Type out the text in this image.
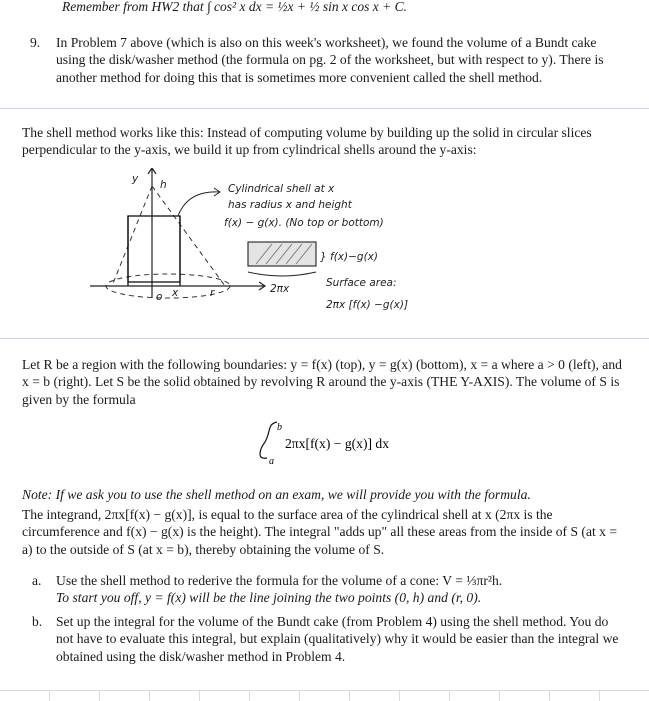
Remember from HW2 that ∫ cos² x dx = ½x + ½ sin x cos x + C.
9. In Problem 7 above (which is also on this week's worksheet), we found the volume of a Bundt cake using the disk/washer method (the formula on pg. 2 of the worksheet, but with respect to y). There is another method for doing this that is sometimes more convenient called the shell method.
The shell method works like this: Instead of computing volume by building up the solid in circular slices perpendicular to the y-axis, we build it up from cylindrical shells around the y-axis:
y h
o x	r
Cylindrical shell at x
has radius x and height
f(x) − g(x). (No top or bottom)
} f(x)−g(x)
2πx	Surface area:
2πx [f(x) −g(x)]
Let R be a region with the following boundaries: y = f(x) (top), y = g(x) (bottom), x = a where a > 0 (left), and x = b (right). Let S be the solid obtained by revolving R around the y-axis (THE Y-AXIS). The volume of S is given by the formula
b
a
2πx[f(x) − g(x)] dx
Note: If we ask you to use the shell method on an exam, we will provide you with the formula.
The integrand, 2πx[f(x) − g(x)], is equal to the surface area of the cylindrical shell at x (2πx is the circumference and f(x) − g(x) is the height). The integral "adds up" all these areas from the inside of S (at x = a) to the outside of S (at x = b), thereby obtaining the volume of S.
a. Use the shell method to rederive the formula for the volume of a cone: V = ⅓πr²h.
To start you off, y = f(x) will be the line joining the two points (0, h) and (r, 0).
b. Set up the integral for the volume of the Bundt cake (from Problem 4) using the shell method. You do not have to evaluate this integral, but explain (qualitatively) why it would be easier than the integral we obtained using the disk/washer method in Problem 4.
